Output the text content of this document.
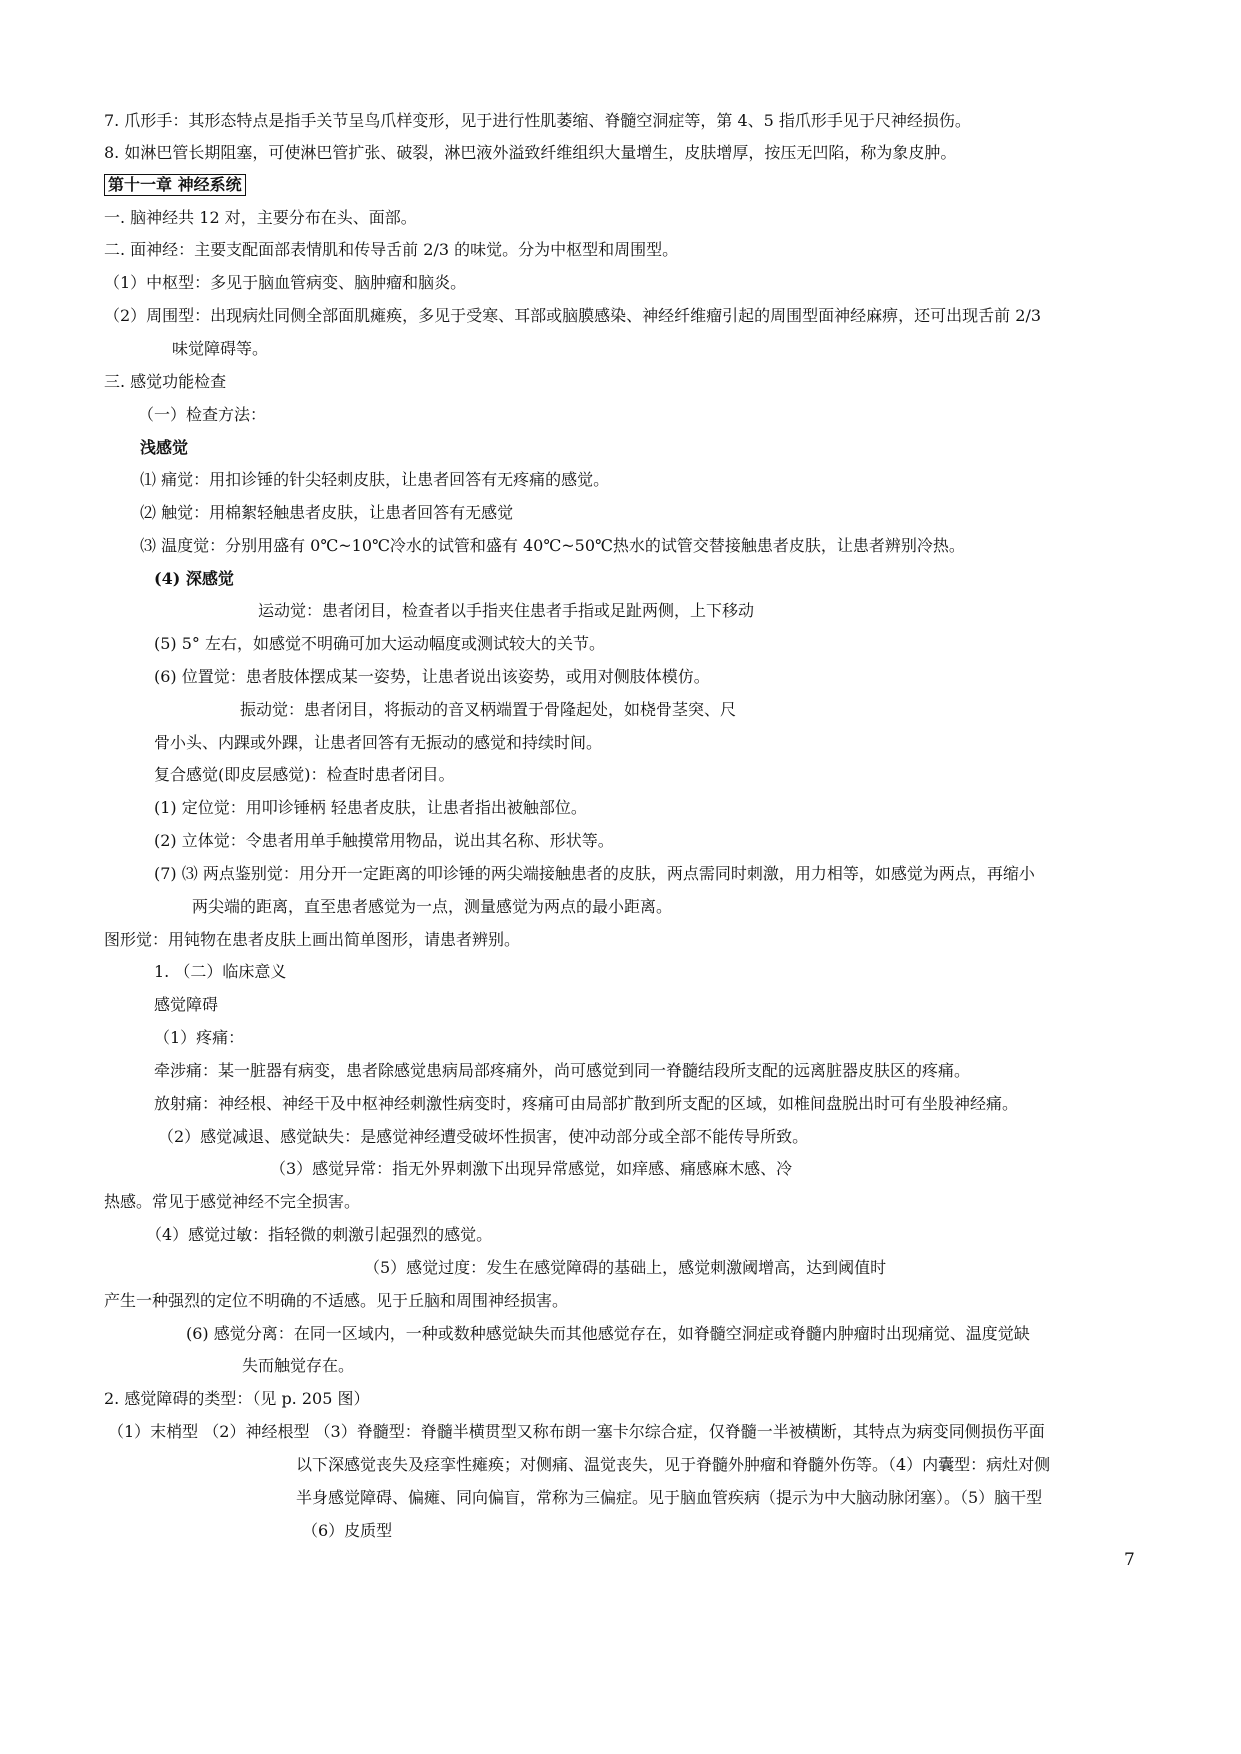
7. 爪形手：其形态特点是指手关节呈鸟爪样变形，见于进行性肌萎缩、脊髓空洞症等，第 4、5 指爪形手见于尺神经损伤。
8. 如淋巴管长期阻塞，可使淋巴管扩张、破裂，淋巴液外溢致纤维组织大量增生，皮肤增厚，按压无凹陷，称为象皮肿。
第十一章 神经系统
一. 脑神经共 12 对，主要分布在头、面部。
二. 面神经：主要支配面部表情肌和传导舌前 2/3 的味觉。分为中枢型和周围型。
（1）中枢型：多见于脑血管病变、脑肿瘤和脑炎。
（2）周围型：出现病灶同侧全部面肌瘫痪，多见于受寒、耳部或脑膜感染、神经纤维瘤引起的周围型面神经麻痹，还可出现舌前 2/3
味觉障碍等。
三. 感觉功能检查
（一）检查方法：
浅感觉
⑴ 痛觉：用扣诊锤的针尖轻刺皮肤，让患者回答有无疼痛的感觉。
⑵ 触觉：用棉絮轻触患者皮肤，让患者回答有无感觉
⑶ 温度觉：分别用盛有 0℃~10℃冷水的试管和盛有 40℃~50℃热水的试管交替接触患者皮肤，让患者辨别冷热。
(4) 深感觉
运动觉：患者闭目，检查者以手指夹住患者手指或足趾两侧，上下移动
(5) 5° 左右，如感觉不明确可加大运动幅度或测试较大的关节。
(6) 位置觉：患者肢体摆成某一姿势，让患者说出该姿势，或用对侧肢体模仿。
振动觉：患者闭目，将振动的音叉柄端置于骨隆起处，如桡骨茎突、尺
骨小头、内踝或外踝，让患者回答有无振动的感觉和持续时间。
复合感觉(即皮层感觉)：检查时患者闭目。
(1) 定位觉：用叩诊锤柄 轻患者皮肤，让患者指出被触部位。
(2) 立体觉：令患者用单手触摸常用物品，说出其名称、形状等。
(7) ⑶ 两点鉴别觉：用分开一定距离的叩诊锤的两尖端接触患者的皮肤，两点需同时刺激，用力相等，如感觉为两点，再缩小
两尖端的距离，直至患者感觉为一点，测量感觉为两点的最小距离。
图形觉：用钝物在患者皮肤上画出简单图形，请患者辨别。
1. （二）临床意义
感觉障碍
（1）疼痛：
牵涉痛：某一脏器有病变，患者除感觉患病局部疼痛外，尚可感觉到同一脊髓结段所支配的远离脏器皮肤区的疼痛。
放射痛：神经根、神经干及中枢神经刺激性病变时，疼痛可由局部扩散到所支配的区域，如椎间盘脱出时可有坐股神经痛。
（2）感觉减退、感觉缺失：是感觉神经遭受破坏性损害，使冲动部分或全部不能传导所致。
（3）感觉异常：指无外界刺激下出现异常感觉，如痒感、痛感麻木感、冷
热感。常见于感觉神经不完全损害。
（4）感觉过敏：指轻微的刺激引起强烈的感觉。
（5）感觉过度：发生在感觉障碍的基础上，感觉刺激阈增高，达到阈值时
产生一种强烈的定位不明确的不适感。见于丘脑和周围神经损害。
(6) 感觉分离：在同一区域内，一种或数种感觉缺失而其他感觉存在，如脊髓空洞症或脊髓内肿瘤时出现痛觉、温度觉缺
失而触觉存在。
2. 感觉障碍的类型：（见 p. 205 图）
（1）末梢型 （2）神经根型 （3）脊髓型：脊髓半横贯型又称布朗一塞卡尔综合症，仅脊髓一半被横断，其特点为病变同侧损伤平面
以下深感觉丧失及痉挛性瘫痪；对侧痛、温觉丧失，见于脊髓外肿瘤和脊髓外伤等。（4）内囊型：病灶对侧
半身感觉障碍、偏瘫、同向偏盲，常称为三偏症。见于脑血管疾病（提示为中大脑动脉闭塞）。（5）脑干型
（6）皮质型
7
